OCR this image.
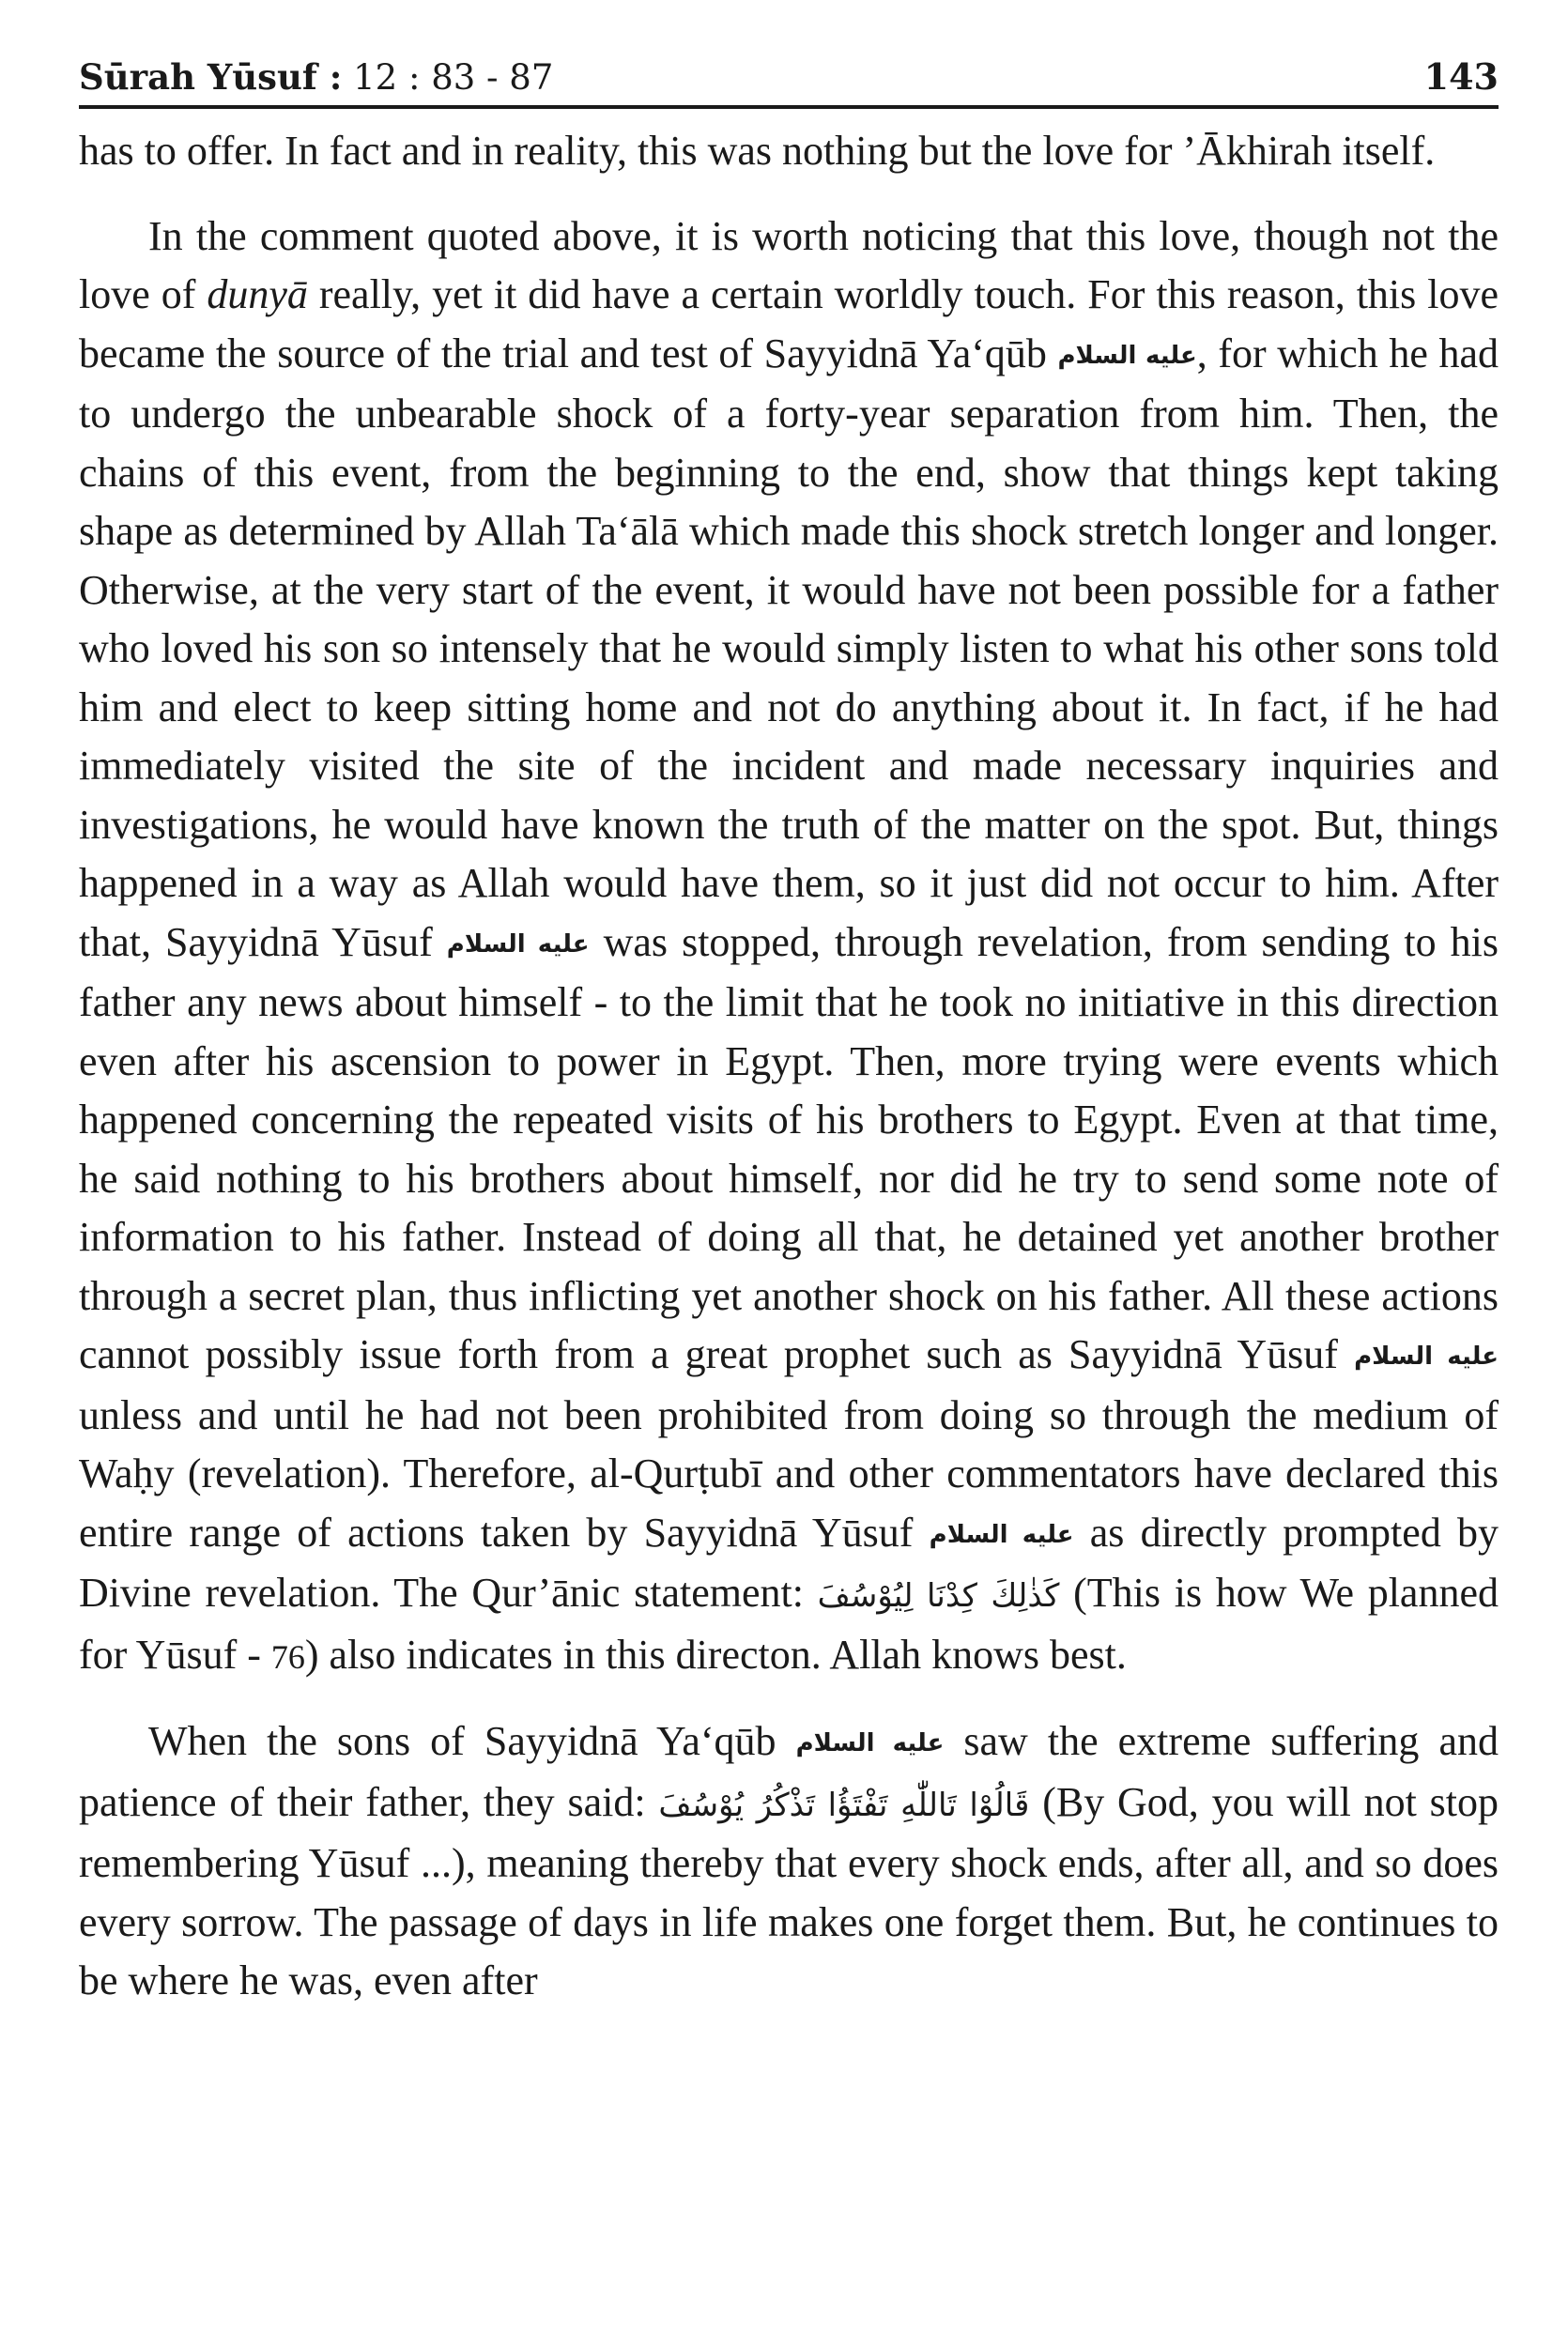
Sūrah Yūsuf : 12 : 83 - 87	143

has to offer. In fact and in reality, this was nothing but the love for ’Ākhirah itself.

In the comment quoted above, it is worth noticing that this love, though not the love of dunyā really, yet it did have a certain worldly touch. For this reason, this love became the source of the trial and test of Sayyidnā Ya‘qūb عليه السلام, for which he had to undergo the unbearable shock of a forty-year separation from him. Then, the chains of this event, from the beginning to the end, show that things kept taking shape as determined by Allah Ta‘ālā which made this shock stretch longer and longer. Otherwise, at the very start of the event, it would have not been possible for a father who loved his son so intensely that he would simply listen to what his other sons told him and elect to keep sitting home and not do anything about it. In fact, if he had immediately visited the site of the incident and made necessary inquiries and investigations, he would have known the truth of the matter on the spot. But, things happened in a way as Allah would have them, so it just did not occur to him. After that, Sayyidnā Yūsuf عليه السلام was stopped, through revelation, from sending to his father any news about himself - to the limit that he took no initiative in this direction even after his ascension to power in Egypt. Then, more trying were events which happened concerning the repeated visits of his brothers to Egypt. Even at that time, he said nothing to his brothers about himself, nor did he try to send some note of information to his father. Instead of doing all that, he detained yet another brother through a secret plan, thus inflicting yet another shock on his father. All these actions cannot possibly issue forth from a great prophet such as Sayyidnā Yūsuf عليه السلام unless and until he had not been prohibited from doing so through the medium of Waḥy (revelation). Therefore, al-Qurṭubī and other commentators have declared this entire range of actions taken by Sayyidnā Yūsuf عليه السلام as directly prompted by Divine revelation. The Qur’ānic statement: كَذٰلِكَ كِدْنَا لِيُوْسُفَ (This is how We planned for Yūsuf - 76) also indicates in this directon. Allah knows best.

When the sons of Sayyidnā Ya‘qūb عليه السلام saw the extreme suffering and patience of their father, they said: قَالُوْا تَاللّٰهِ تَفْتَؤُا تَذْكُرُ يُوْسُفَ (By God, you will not stop remembering Yūsuf ...), meaning thereby that every shock ends, after all, and so does every sorrow. The passage of days in life makes one forget them. But, he continues to be where he was, even after
